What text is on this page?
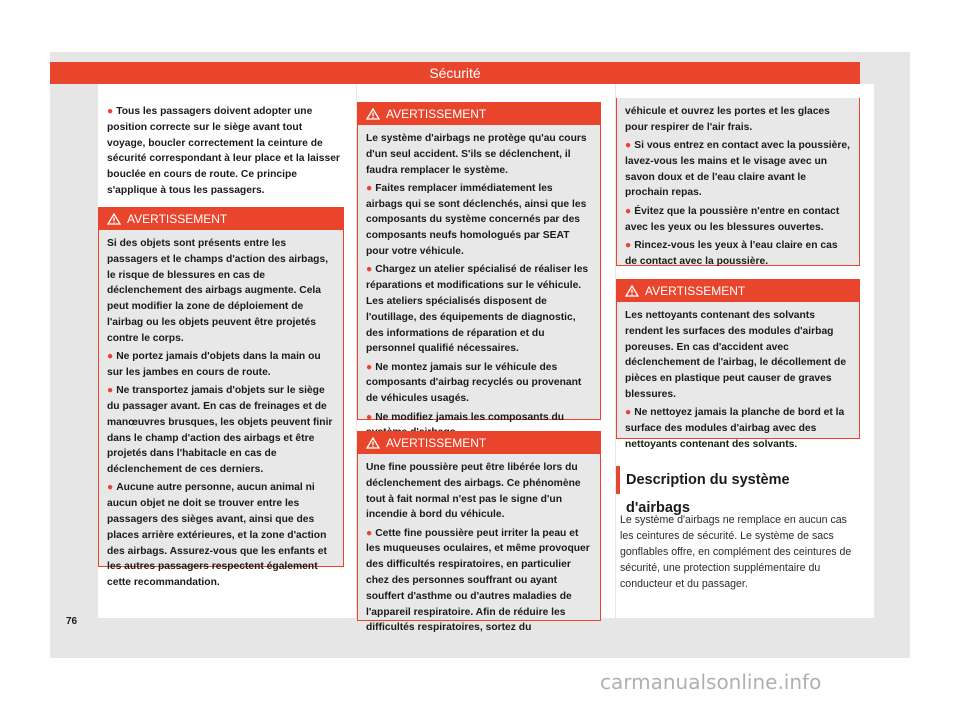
Sécurité
● Tous les passagers doivent adopter une position correcte sur le siège avant tout voyage, boucler correctement la ceinture de sécurité correspondant à leur place et la laisser bouclée en cours de route. Ce principe s'applique à tous les passagers.
AVERTISSEMENT

Si des objets sont présents entre les passagers et le champs d'action des airbags, le risque de blessures en cas de déclenchement des airbags augmente. Cela peut modifier la zone de déploiement de l'airbag ou les objets peuvent être projetés contre le corps.

● Ne portez jamais d'objets dans la main ou sur les jambes en cours de route.

● Ne transportez jamais d'objets sur le siège du passager avant. En cas de freinages et de manœuvres brusques, les objets peuvent finir dans le champ d'action des airbags et être projetés dans l'habitacle en cas de déclenchement de ces derniers.

● Aucune autre personne, aucun animal ni aucun objet ne doit se trouver entre les passagers des sièges avant, ainsi que des places arrière extérieures, et la zone d'action des airbags. Assurez-vous que les enfants et les autres passagers respectent également cette recommandation.

AVERTISSEMENT

Le système d'airbags ne protège qu'au cours d'un seul accident. S'ils se déclenchent, il faudra remplacer le système.

● Faites remplacer immédiatement les airbags qui se sont déclenchés, ainsi que les composants du système concernés par des composants neufs homologués par SEAT pour votre véhicule.

● Chargez un atelier spécialisé de réaliser les réparations et modifications sur le véhicule. Les ateliers spécialisés disposent de l'outillage, des équipements de diagnostic, des informations de réparation et du personnel qualifié nécessaires.

● Ne montez jamais sur le véhicule des composants d'airbag recyclés ou provenant de véhicules usagés.

● Ne modifiez jamais les composants du

AVERTISSEMENT

Une fine poussière peut être libérée lors du déclenchement des airbags. Ce phénomène tout à fait normal n'est pas le signe d'un incendie à bord du véhicule.

● Cette fine poussière peut irriter la peau et les muqueuses oculaires, et même provoquer des difficultés respiratoires, en particulier chez des personnes souffrant ou ayant souffert d'asthme ou d'autres maladies de l'appareil respiratoire. Afin de réduire les difficultés respiratoires, sortez du

véhicule et ouvrez les portes et les glaces pour respirer de l'air frais.

● Si vous entrez en contact avec la poussière, lavez-vous les mains et le visage avec un savon doux et de l'eau claire avant le prochain repas.

● Évitez que la poussière n'entre en contact avec les yeux ou les blessures ouvertes.

● Rincez-vous les yeux à l'eau claire en cas de contact avec la poussière.

AVERTISSEMENT

Les nettoyants contenant des solvants rendent les surfaces des modules d'airbag poreuses. En cas d'accident avec déclenchement de l'airbag, le décollement de pièces en plastique peut causer de graves blessures.

● Ne nettoyez jamais la planche de bord et la surface des modules d'airbag avec des nettoyants contenant des solvants.

Description du système d'airbags
Le système d'airbags ne remplace en aucun cas les ceintures de sécurité. Le système de sacs gonflables offre, en complément des ceintures de sécurité, une protection supplémentaire du conducteur et du passager.
76
carmanualsonline.info
